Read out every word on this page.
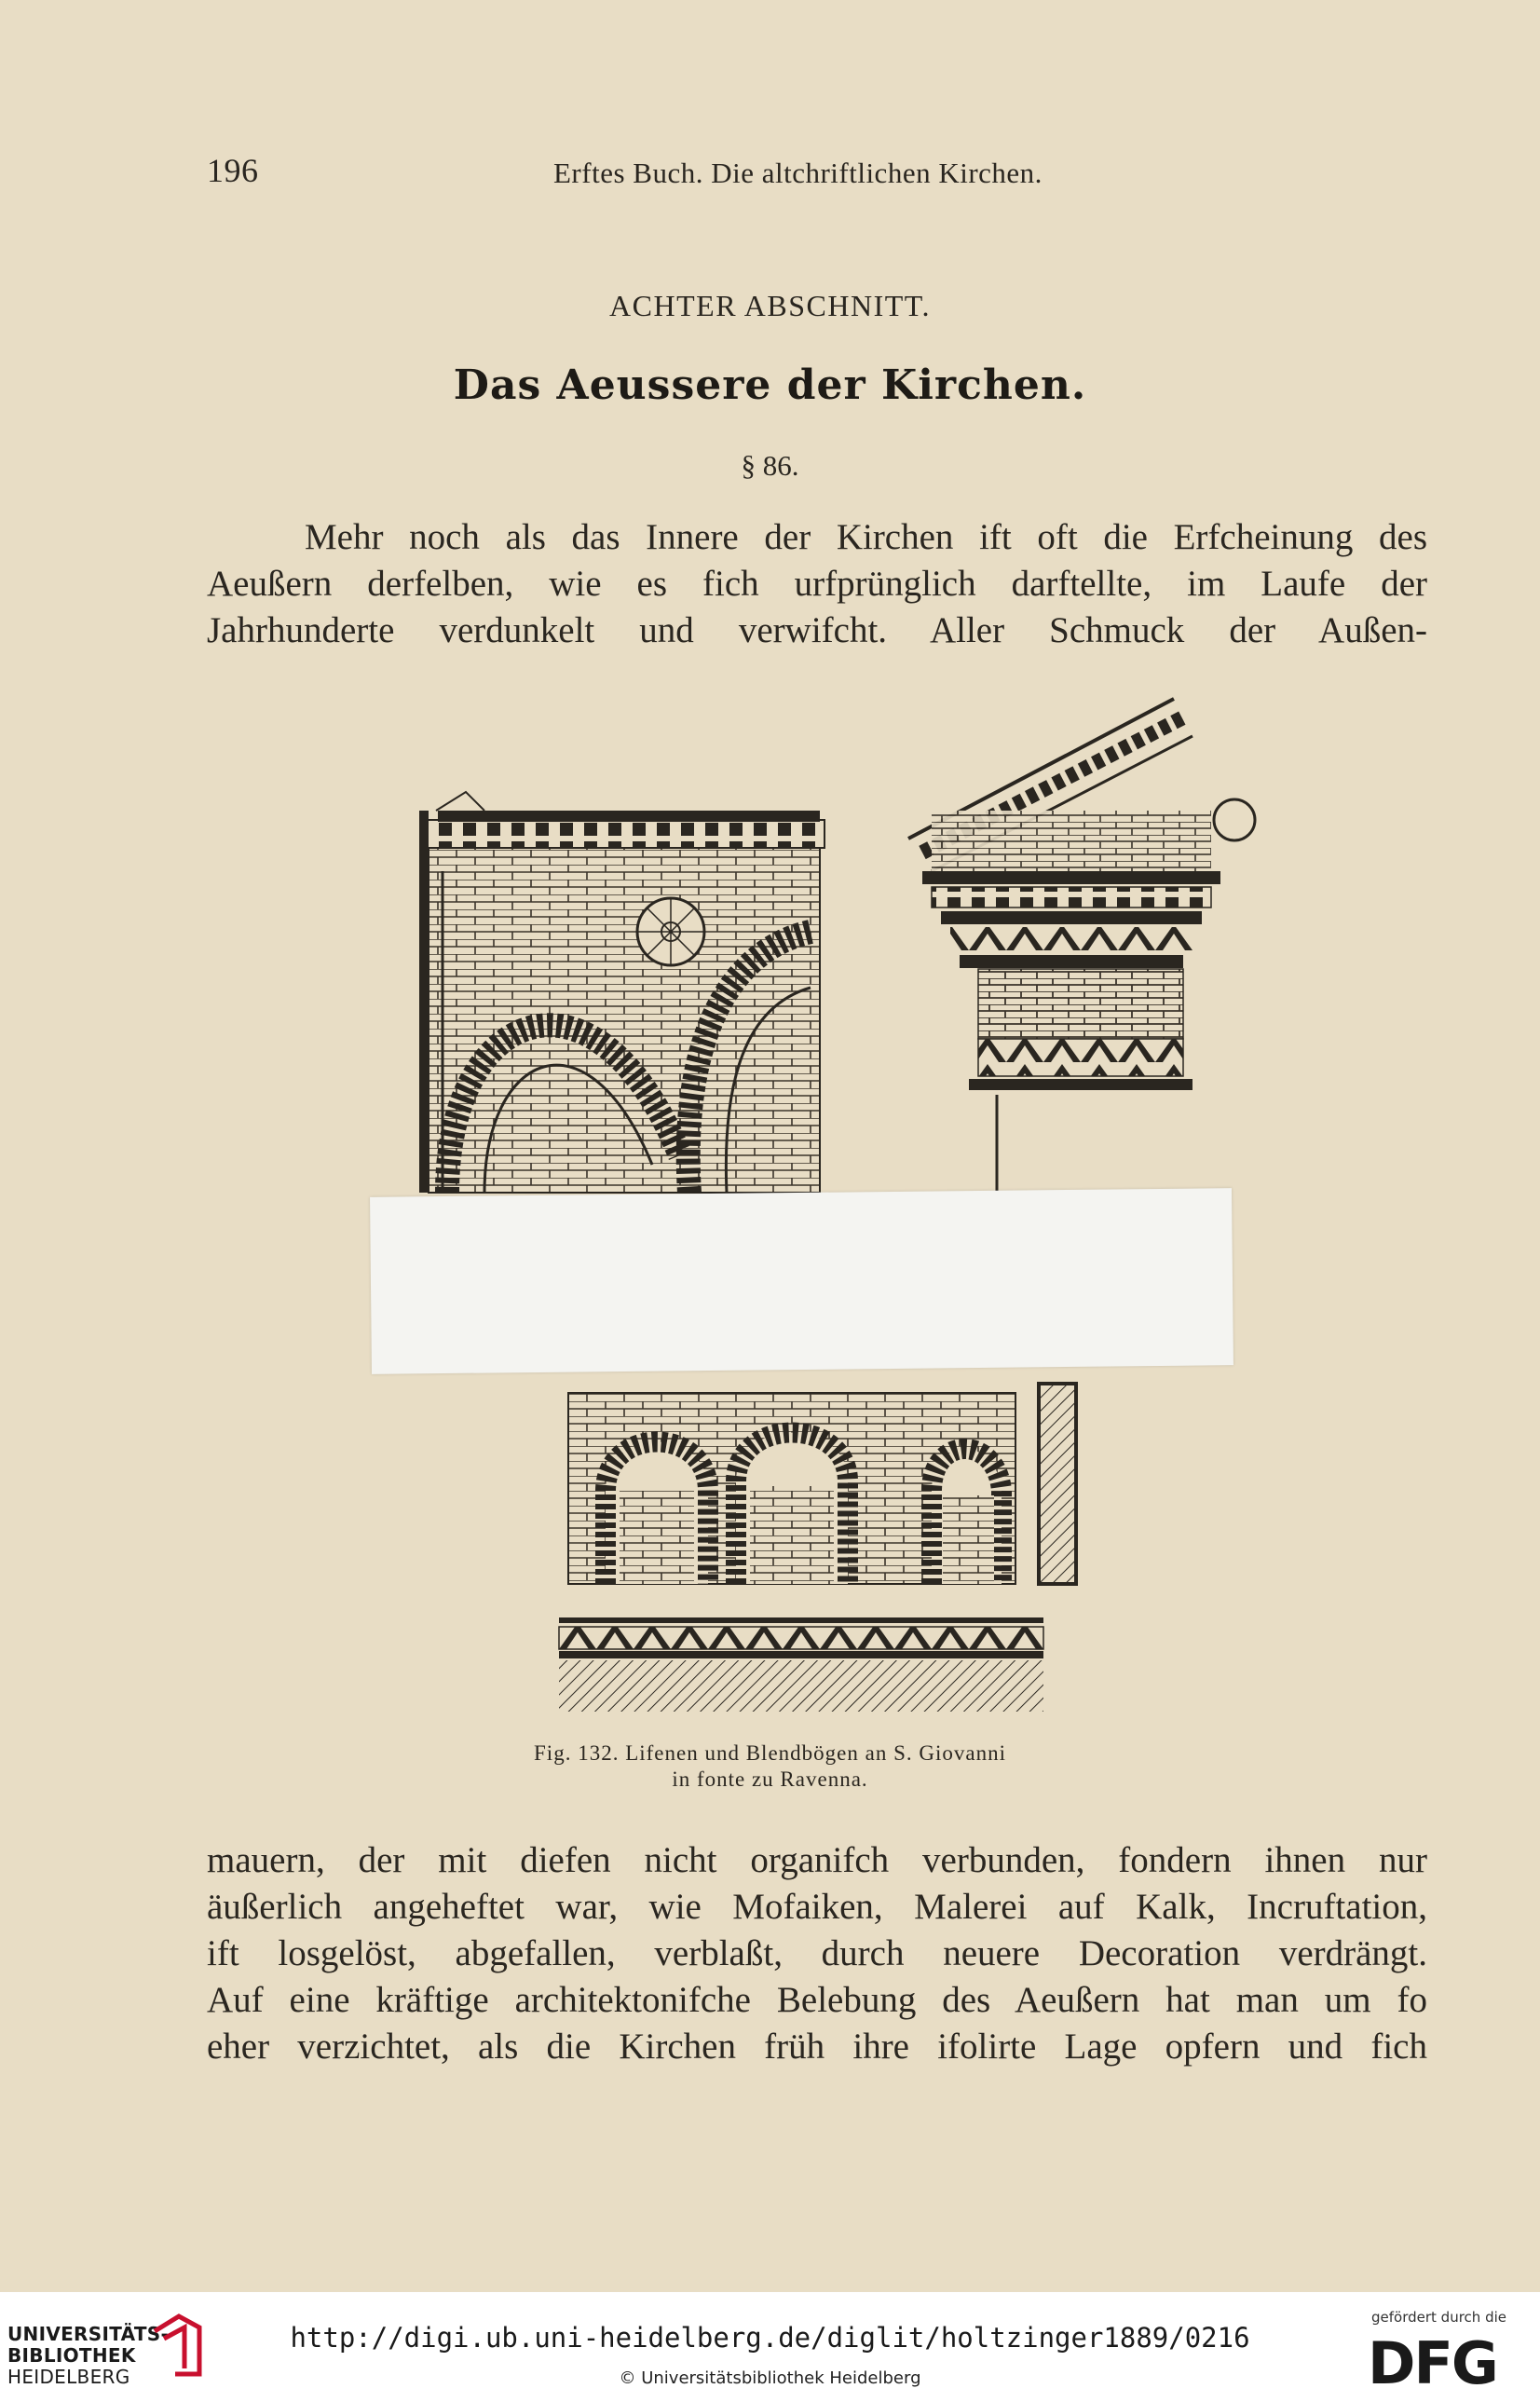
196	Erftes Buch. Die altchriftlichen Kirchen.
ACHTER ABSCHNITT.
Das Aeussere der Kirchen.
§ 86.
Mehr noch als das Innere der Kirchen ift oft die Erfcheinung des
Aeußern derfelben, wie es fich urfprünglich darftellte, im Laufe der
Jahrhunderte verdunkelt und verwifcht. Aller Schmuck der Außen-
Fig. 132. Lifenen und Blendbögen an S. Giovanni
in fonte zu Ravenna.
mauern, der mit diefen nicht organifch verbunden, fondern ihnen nur
äußerlich angeheftet war, wie Mofaiken, Malerei auf Kalk, Incruftation,
ift losgelöst, abgefallen, verblaßt, durch neuere Decoration verdrängt.
Auf eine kräftige architektonifche Belebung des Aeußern hat man um fo
eher verzichtet, als die Kirchen früh ihre ifolirte Lage opfern und fich
UNIVERSITÄTS-
BIBLIOTHEK
HEIDELBERG
http://digi.ub.uni-heidelberg.de/diglit/holtzinger1889/0216
© Universitätsbibliothek Heidelberg
gefördert durch die
DFG
